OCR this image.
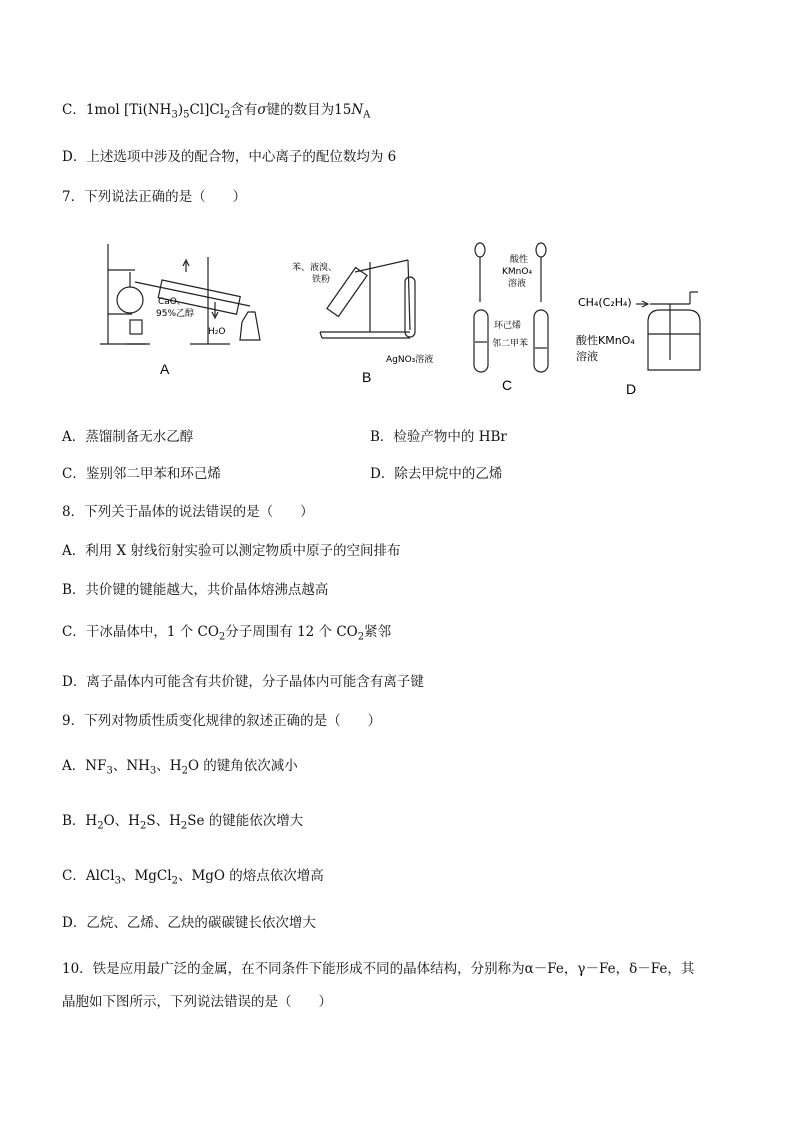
C．1mol $[Ti(NH_3)_5Cl]Cl_2$含有σ键的数目为$15N_A$
D．上述选项中涉及的配合物，中心离子的配位数均为 6
7．下列说法正确的是（　　）
CaO、
95%乙醇
H₂O
A
苯、液溴、
铁粉
AgNO₃溶液
B
酸性
KMnO₄
溶液
环己烯
邻二甲苯
C
CH₄(C₂H₄)
酸性KMnO₄
溶液
D
A．蒸馏制备无水乙醇	B．检验产物中的 HBr
C．鉴别邻二甲苯和环己烯	D．除去甲烷中的乙烯
8．下列关于晶体的说法错误的是（　　）
A．利用 X 射线衍射实验可以测定物质中原子的空间排布
B．共价键的键能越大，共价晶体熔沸点越高
C．干冰晶体中，1 个 $CO_2$分子周围有 12 个 $CO_2$紧邻
D．离子晶体内可能含有共价键，分子晶体内可能含有离子键
9．下列对物质性质变化规律的叙述正确的是（　　）
A．$NF_3$、$NH_3$、$H_2O$ 的键角依次减小
B．$H_2O$、$H_2S$、$H_2Se$ 的键能依次增大
C．AlCl$_3$、MgCl$_2$、MgO 的熔点依次增高
D．乙烷、乙烯、乙炔的碳碳键长依次增大
10．铁是应用最广泛的金属，在不同条件下能形成不同的晶体结构，分别称为α－Fe，γ－Fe，δ－Fe，其
晶胞如下图所示，下列说法错误的是（　　）
